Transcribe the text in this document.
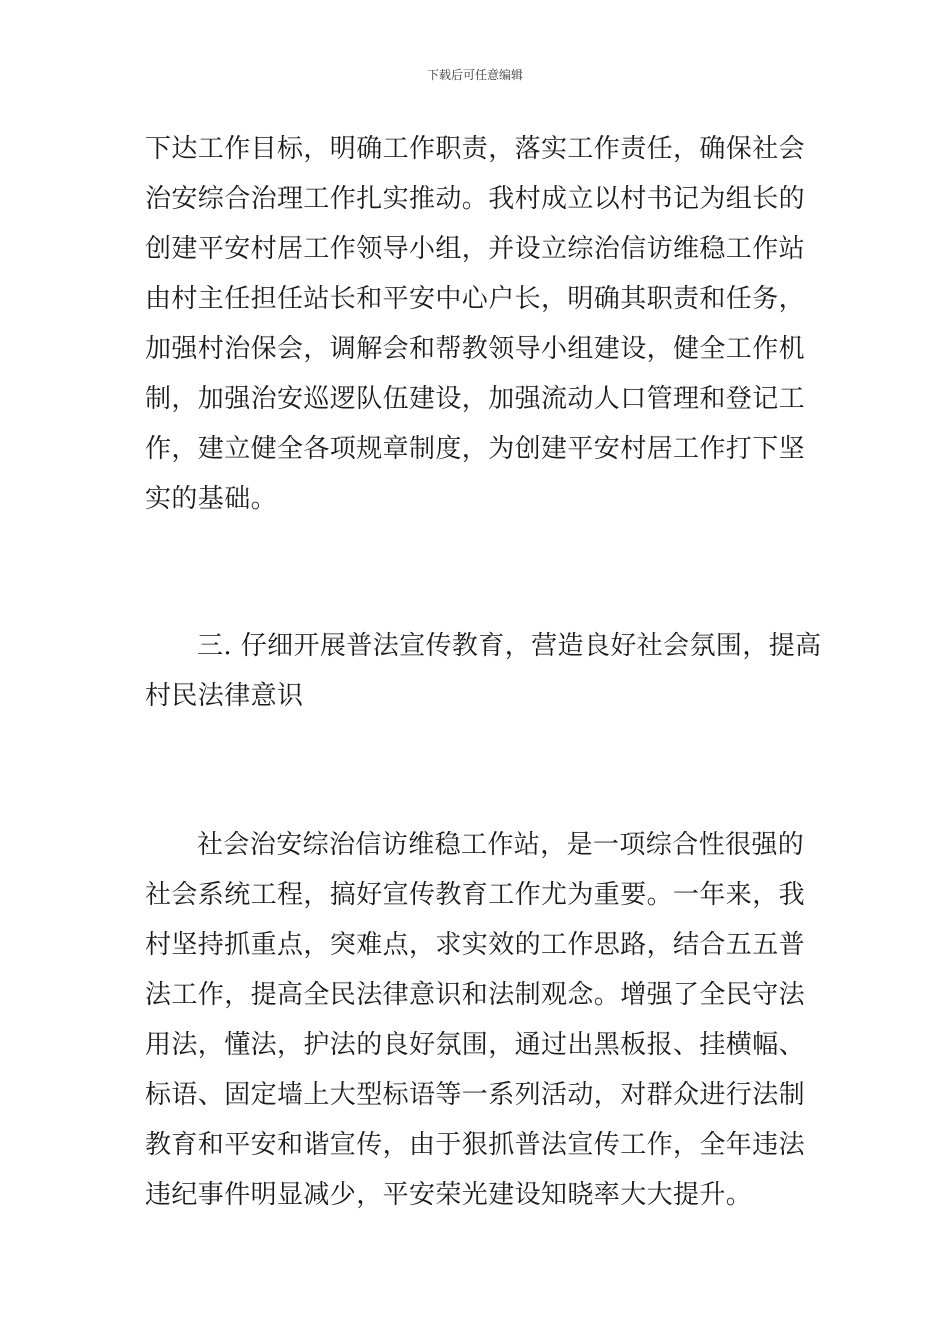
下载后可任意编辑
下达工作目标，明确工作职责，落实工作责任，确保社会
治安综合治理工作扎实推动。我村成立以村书记为组长的
创建平安村居工作领导小组，并设立综治信访维稳工作站
由村主任担任站长和平安中心户长，明确其职责和任务，
加强村治保会，调解会和帮教领导小组建设，健全工作机
制，加强治安巡逻队伍建设，加强流动人口管理和登记工
作，建立健全各项规章制度，为创建平安村居工作打下坚
实的基础。
三. 仔细开展普法宣传教育，营造良好社会氛围，提高
村民法律意识
社会治安综治信访维稳工作站，是一项综合性很强的
社会系统工程，搞好宣传教育工作尤为重要。一年来，我
村坚持抓重点，突难点，求实效的工作思路，结合五五普
法工作，提高全民法律意识和法制观念。增强了全民守法
用法，懂法，护法的良好氛围，通过出黑板报、挂横幅、
标语、固定墙上大型标语等一系列活动，对群众进行法制
教育和平安和谐宣传，由于狠抓普法宣传工作，全年违法
违纪事件明显减少，平安荣光建设知晓率大大提升。
